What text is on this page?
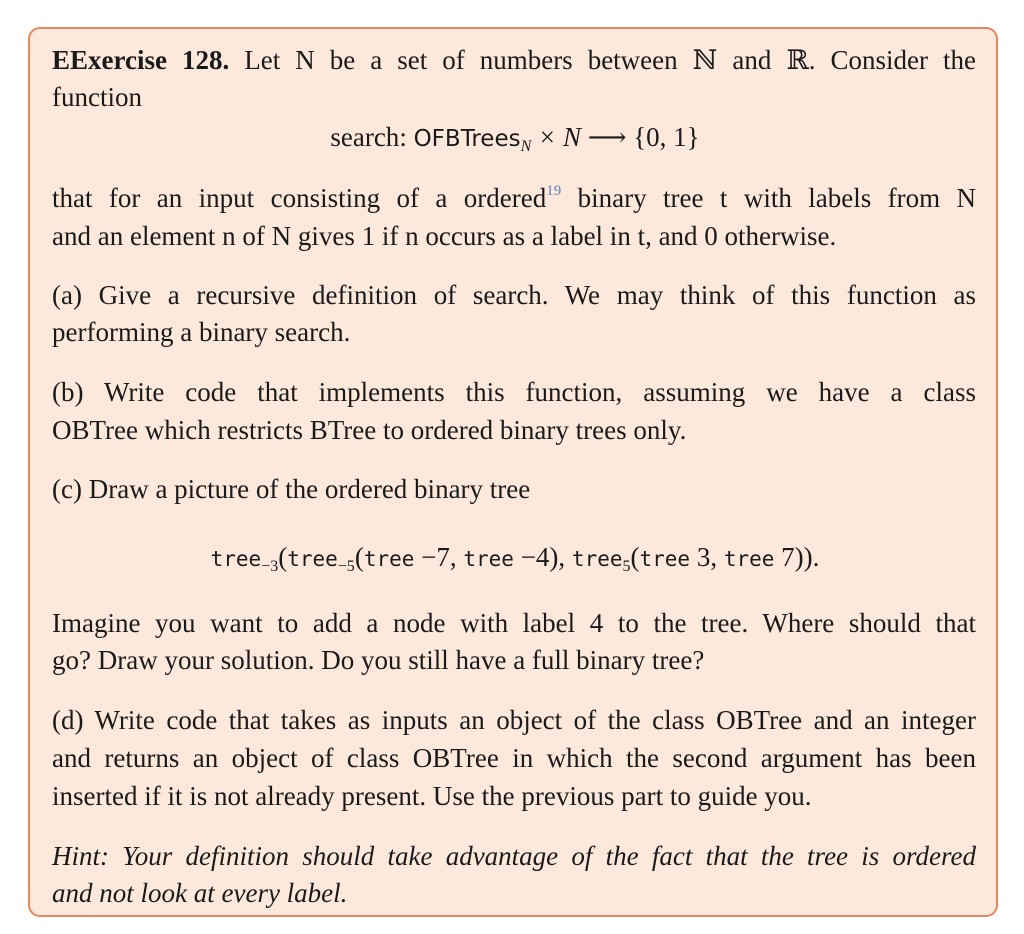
EExercise 128. Let N be a set of numbers between ℕ and ℝ. Consider the
function
search: OFBTrees$_N$ × N ⟶ {0, 1}
that for an input consisting of a ordered$^{19}$ binary tree t with labels from N
and an element n of N gives 1 if n occurs as a label in t, and 0 otherwise.
(a) Give a recursive definition of search. We may think of this function as
performing a binary search.
(b) Write code that implements this function, assuming we have a class
OBTree which restricts BTree to ordered binary trees only.
(c) Draw a picture of the ordered binary tree
tree$_{-3}$(tree$_{-5}$(tree −7, tree −4), tree$_5$(tree 3, tree 7)).
Imagine you want to add a node with label 4 to the tree. Where should that
go? Draw your solution. Do you still have a full binary tree?
(d) Write code that takes as inputs an object of the class OBTree and an integer
and returns an object of class OBTree in which the second argument has been
inserted if it is not already present. Use the previous part to guide you.
Hint: Your definition should take advantage of the fact that the tree is ordered
and not look at every label.
